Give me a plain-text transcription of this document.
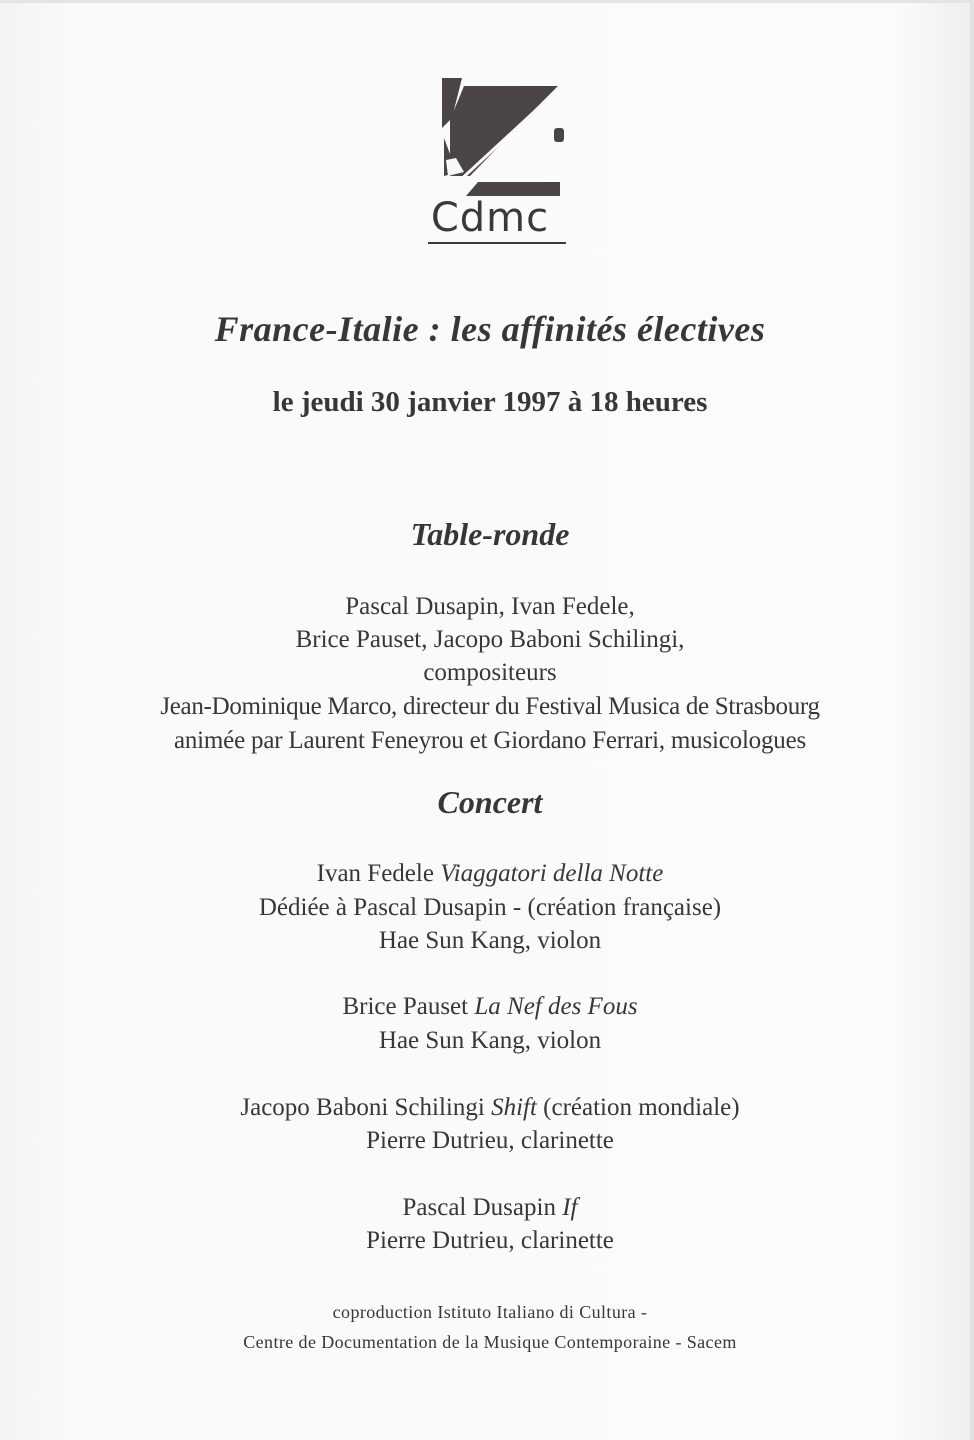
Cdmc
France-Italie : les affinités électives
le jeudi 30 janvier 1997 à 18 heures
Table-ronde
Pascal Dusapin, Ivan Fedele,
Brice Pauset, Jacopo Baboni Schilingi,
compositeurs
Jean-Dominique Marco, directeur du Festival Musica de Strasbourg
animée par Laurent Feneyrou et Giordano Ferrari, musicologues
Concert
Ivan Fedele Viaggatori della Notte
Dédiée à Pascal Dusapin - (création française)
Hae Sun Kang, violon
Brice Pauset La Nef des Fous
Hae Sun Kang, violon
Jacopo Baboni Schilingi Shift (création mondiale)
Pierre Dutrieu, clarinette
Pascal Dusapin If
Pierre Dutrieu, clarinette
coproduction Istituto Italiano di Cultura -
Centre de Documentation de la Musique Contemporaine - Sacem
